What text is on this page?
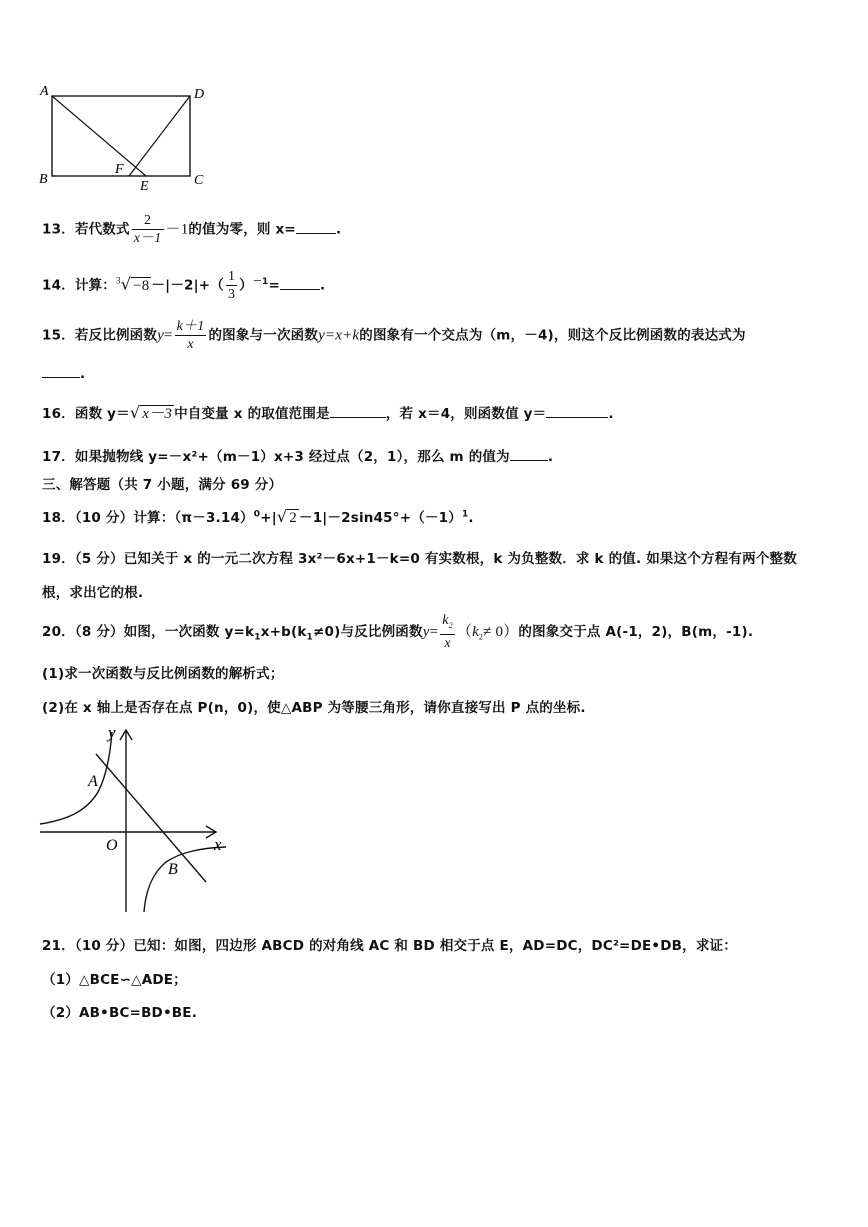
A	D
B
F
E	C
13．若代数式 $\frac{2}{x-1} -1$的值为零，则 x=	.
14．计算：$^3√ -8 -|-2|+( \frac{1}{3} )^{-1}=$	.
15．若反比例函数$y= \frac{k+1}{x}$ 的图象与一次函数y=x+k的图象有一个交点为（m，－4)，则这个反比例函数的表达式为
.
16．函数 y＝√ x－3 中自变量 x 的取值范围是	，若 x＝4，则函数值 y＝	.
17．如果抛物线 y=－x²+（m－1）x+3 经过点（2，1），那么 m 的值为	.
三、解答题（共 7 小题，满分 69 分）
18．（10 分）计算：$(\pi-3.14)^0+|√$ $2 -1|-2\sin 45^\circ+(-1)^1$.
19．（5 分）已知关于 x 的一元二次方程 3x²－6x+1－k=0 有实数根，k 为负整数．求 k 的值. 如果这个方程有两个整数
根，求出它的根.
20．（8 分）如图，一次函数 $y=k_1x+b(k_1\ne 0)$与反比例函数$y= \frac{k_2}{x} (k_2\ne 0)$的图象交于点 A(-1，2)，B(m，-1).
(1)求一次函数与反比例函数的解析式；
(2)在 x 轴上是否存在点 P(n，0)，使△ABP 为等腰三角形，请你直接写出 P 点的坐标.
y
x
A
O
B
21．（10 分）已知：如图，四边形 ABCD 的对角线 AC 和 BD 相交于点 E，AD=DC，DC²=DE•DB，求证：
（1）△BCE∽△ADE；
（2）AB•BC=BD•BE.
